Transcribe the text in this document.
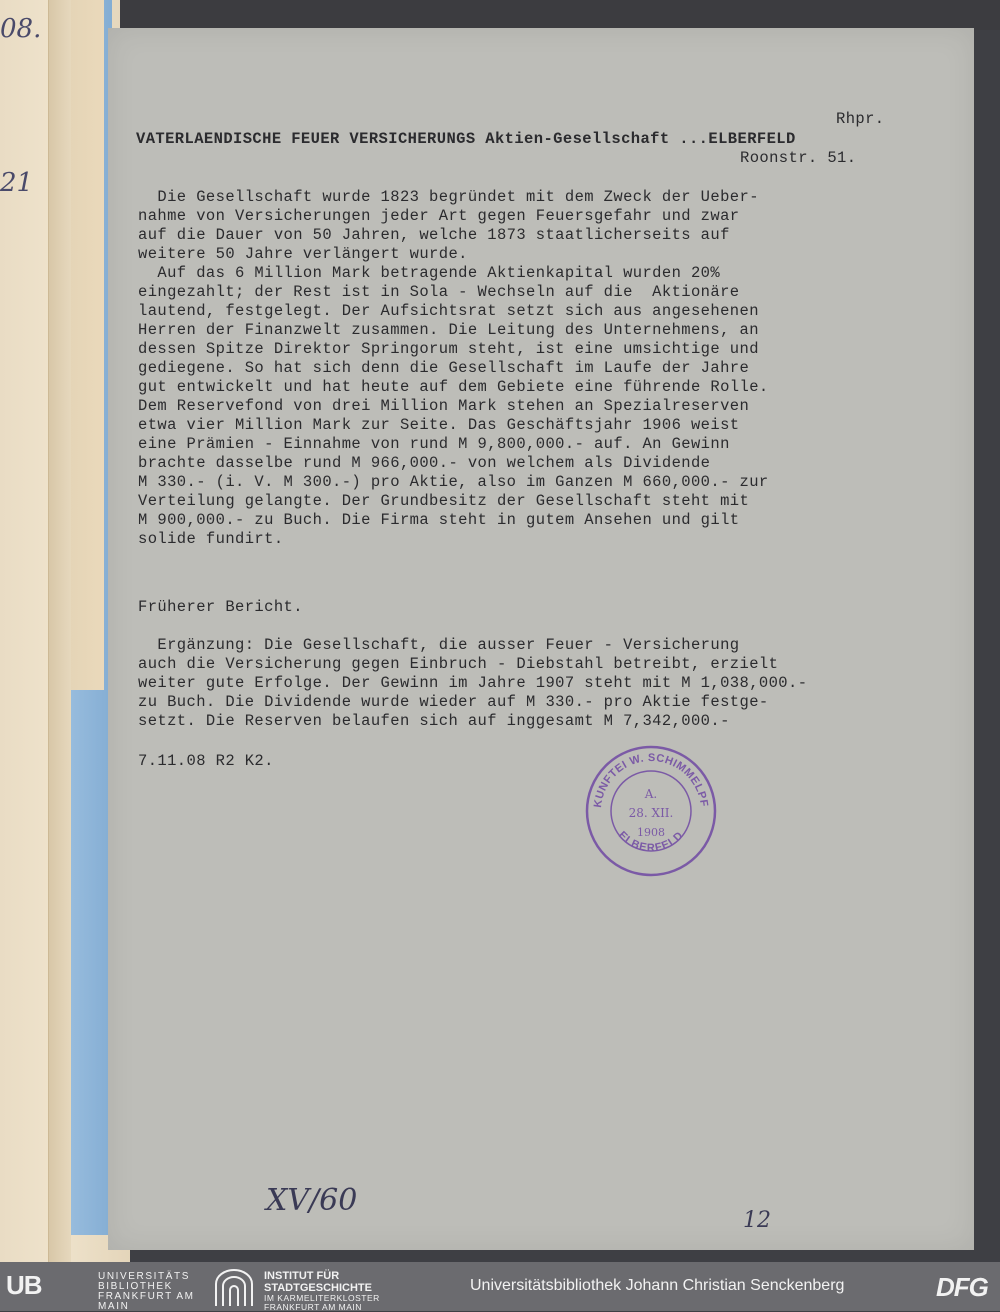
08.
21
Rhpr.
VATERLAENDISCHE FEUER VERSICHERUNGS Aktien-Gesellschaft ...ELBERFELD
Roonstr. 51.
Die Gesellschaft wurde 1823 begründet mit dem Zweck der Ueber-
nahme von Versicherungen jeder Art gegen Feuersgefahr und zwar
auf die Dauer von 50 Jahren, welche 1873 staatlicherseits auf
weitere 50 Jahre verlängert wurde.
Auf das 6 Million Mark betragende Aktienkapital wurden 20%
eingezahlt; der Rest ist in Sola - Wechseln auf die  Aktionäre
lautend, festgelegt. Der Aufsichtsrat setzt sich aus angesehenen
Herren der Finanzwelt zusammen. Die Leitung des Unternehmens, an
dessen Spitze Direktor Springorum steht, ist eine umsichtige und
gediegene. So hat sich denn die Gesellschaft im Laufe der Jahre
gut entwickelt und hat heute auf dem Gebiete eine führende Rolle.
Dem Reservefond von drei Million Mark stehen an Spezialreserven
etwa vier Million Mark zur Seite. Das Geschäftsjahr 1906 weist
eine Prämien - Einnahme von rund M 9,800,000.- auf. An Gewinn
brachte dasselbe rund M 966,000.- von welchem als Dividende
M 330.- (i. V. M 300.-) pro Aktie, also im Ganzen M 660,000.- zur
Verteilung gelangte. Der Grundbesitz der Gesellschaft steht mit
M 900,000.- zu Buch. Die Firma steht in gutem Ansehen und gilt
solide fundirt.
Früherer Bericht.
Ergänzung: Die Gesellschaft, die ausser Feuer - Versicherung
auch die Versicherung gegen Einbruch - Diebstahl betreibt, erzielt
weiter gute Erfolge. Der Gewinn im Jahre 1907 steht mit M 1,038,000.-
zu Buch. Die Dividende wurde wieder auf M 330.- pro Aktie festge-
setzt. Die Reserven belaufen sich auf inggesamt M 7,342,000.-
7.11.08 R2 K2.
KUNFTEI W. SCHIMMELPF
ELBERFELD
A.
28. XII.
1908
XV/60
12
UB	UNIVERSITÄTS
BIBLIOTHEK
FRANKFURT AM MAIN
INSTITUT FÜR
STADTGESCHICHTE
IM KARMELITERKLOSTER
FRANKFURT AM MAIN
Universitätsbibliothek Johann Christian Senckenberg	DFG
